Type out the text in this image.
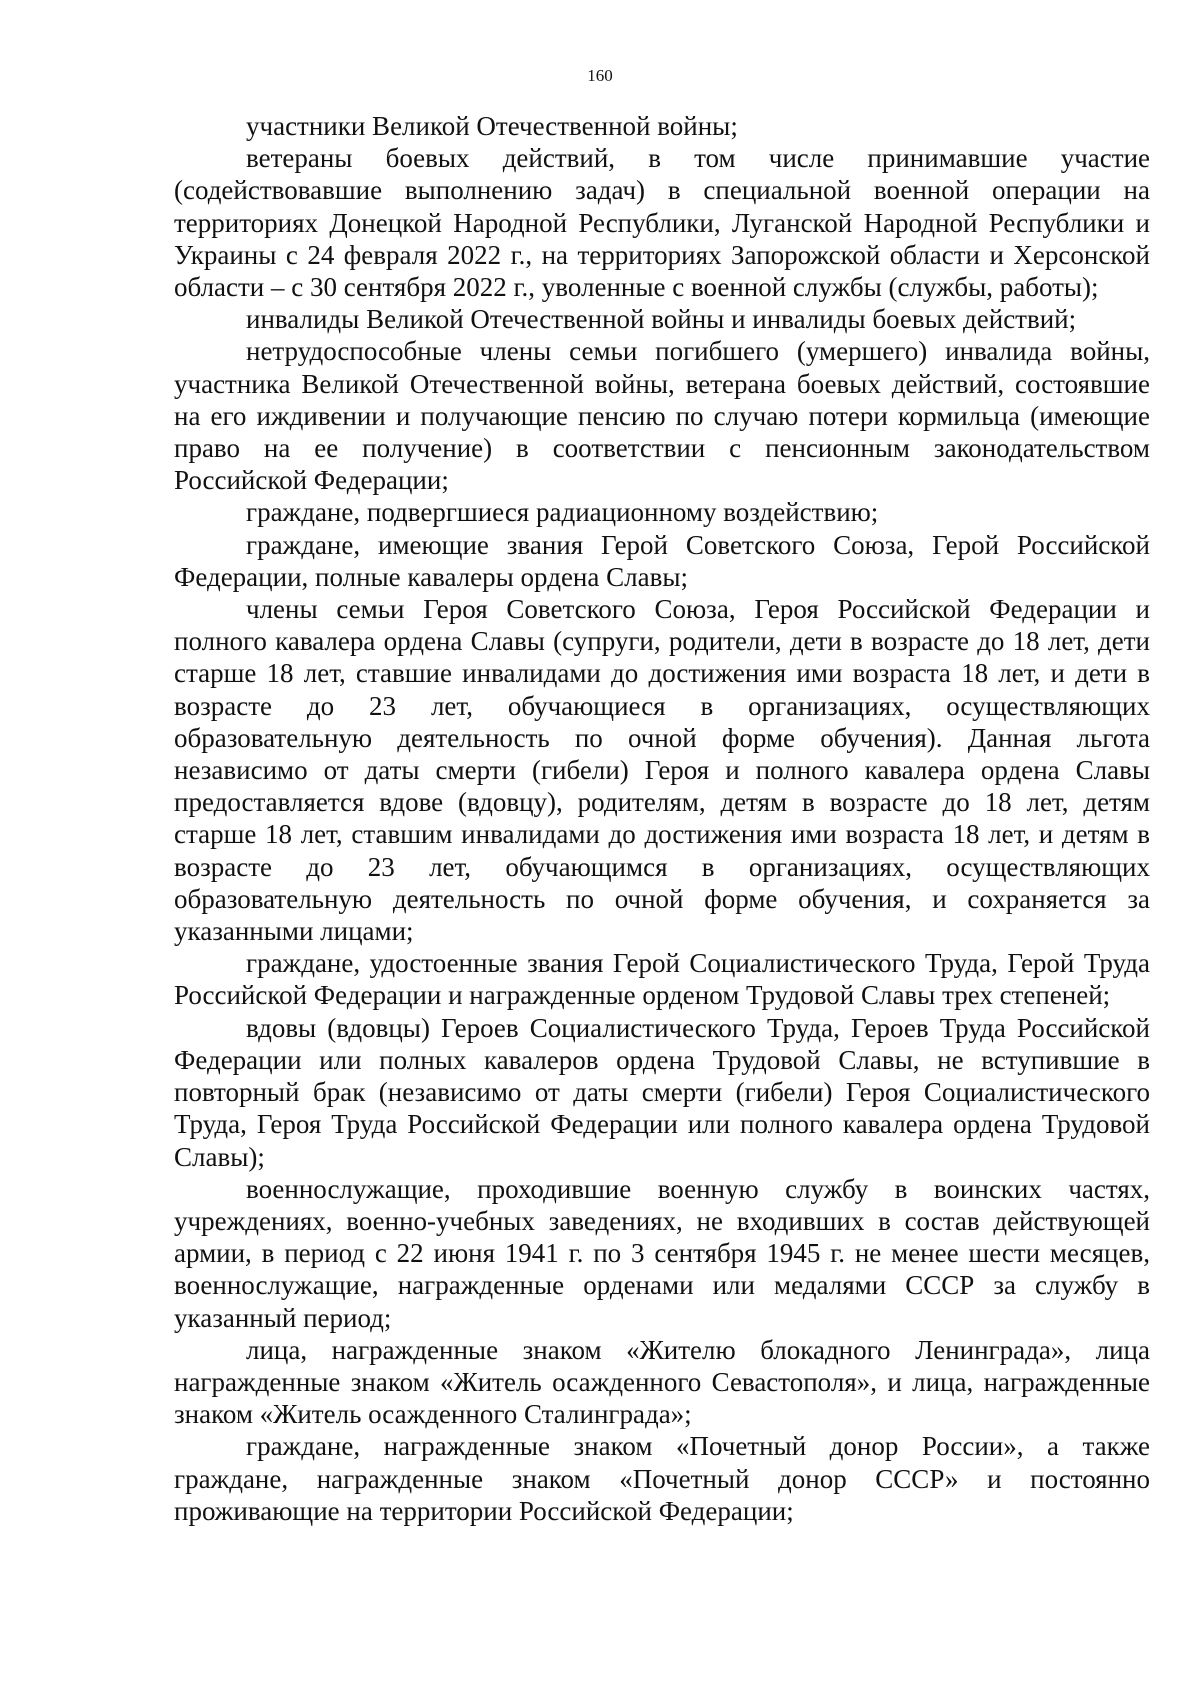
160

участники Великой Отечественной войны;

ветераны боевых действий, в том числе принимавшие участие (содействовавшие выполнению задач) в специальной военной операции на территориях Донецкой Народной Республики, Луганской Народной Республики и Украины с 24 февраля 2022 г., на территориях Запорожской области и Херсонской области – с 30 сентября 2022 г., уволенные с военной службы (службы, работы);

инвалиды Великой Отечественной войны и инвалиды боевых действий;

нетрудоспособные члены семьи погибшего (умершего) инвалида войны, участника Великой Отечественной войны, ветерана боевых действий, состоявшие на его иждивении и получающие пенсию по случаю потери кормильца (имеющие право на ее получение) в соответствии с пенсионным законодательством Российской Федерации;

граждане, подвергшиеся радиационному воздействию;

граждане, имеющие звания Герой Советского Союза, Герой Российской Федерации, полные кавалеры ордена Славы;

члены семьи Героя Советского Союза, Героя Российской Федерации и полного кавалера ордена Славы (супруги, родители, дети в возрасте до 18 лет, дети старше 18 лет, ставшие инвалидами до достижения ими возраста 18 лет, и дети в возрасте до 23 лет, обучающиеся в организациях, осуществляющих образовательную деятельность по очной форме обучения). Данная льгота независимо от даты смерти (гибели) Героя и полного кавалера ордена Славы предоставляется вдове (вдовцу), родителям, детям в возрасте до 18 лет, детям старше 18 лет, ставшим инвалидами до достижения ими возраста 18 лет, и детям в возрасте до 23 лет, обучающимся в организациях, осуществляющих образовательную деятельность по очной форме обучения, и сохраняется за указанными лицами;

граждане, удостоенные звания Герой Социалистического Труда, Герой Труда Российской Федерации и награжденные орденом Трудовой Славы трех степеней;

вдовы (вдовцы) Героев Социалистического Труда, Героев Труда Российской Федерации или полных кавалеров ордена Трудовой Славы, не вступившие в повторный брак (независимо от даты смерти (гибели) Героя Социалистического Труда, Героя Труда Российской Федерации или полного кавалера ордена Трудовой Славы);

военнослужащие, проходившие военную службу в воинских частях, учреждениях, военно-учебных заведениях, не входивших в состав действующей армии, в период с 22 июня 1941 г. по 3 сентября 1945 г. не менее шести месяцев, военнослужащие, награжденные орденами или медалями СССР за службу в указанный период;

лица, награжденные знаком «Жителю блокадного Ленинграда», лица награжденные знаком «Житель осажденного Севастополя», и лица, награжденные знаком «Житель осажденного Сталинграда»;

граждане, награжденные знаком «Почетный донор России», а также граждане, награжденные знаком «Почетный донор СССР» и постоянно проживающие на территории Российской Федерации;
